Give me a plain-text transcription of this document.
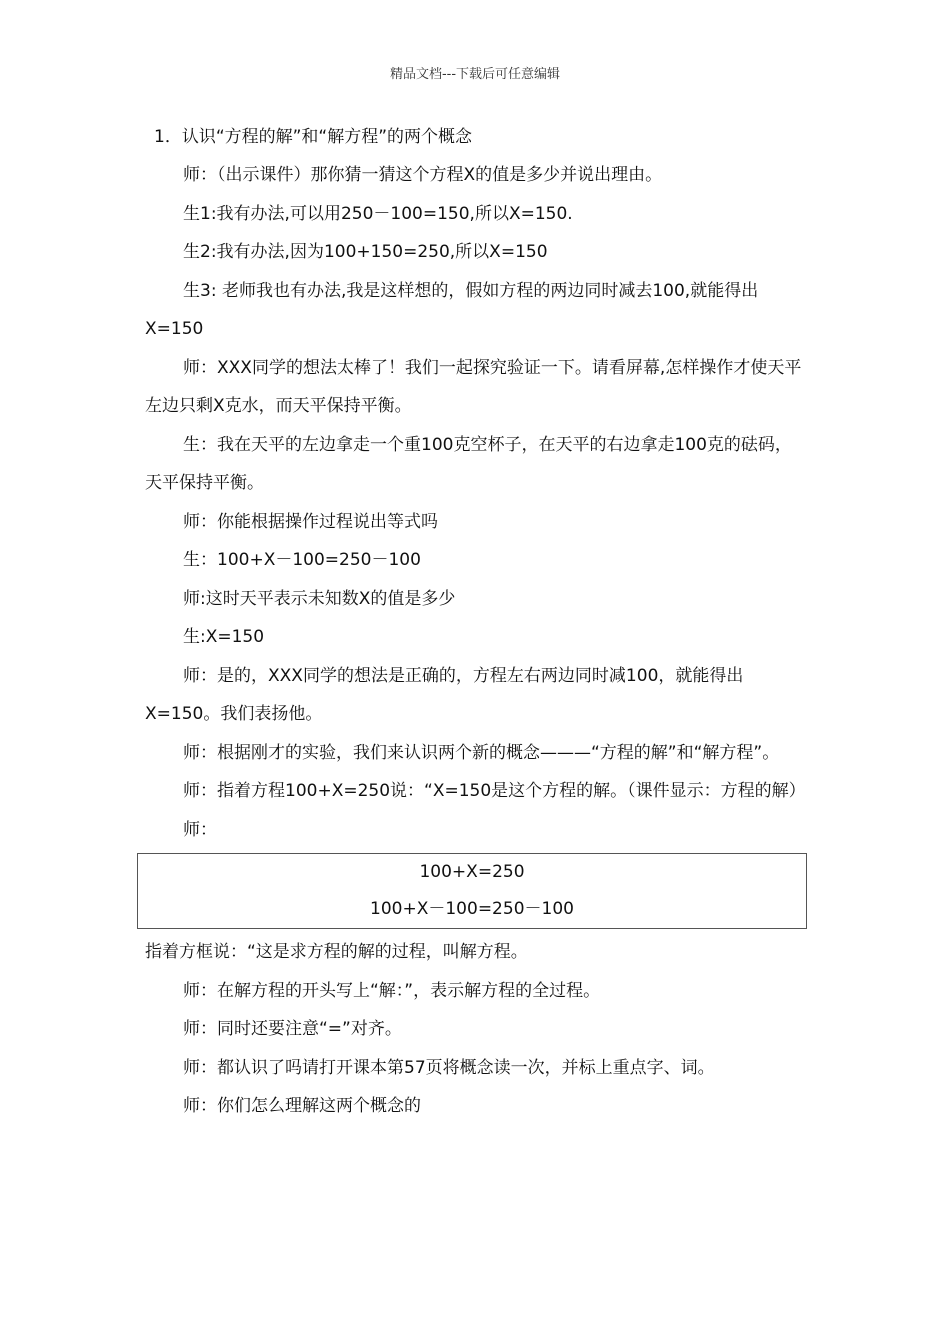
精品文档---下载后可任意编辑

1．认识“方程的解”和“解方程”的两个概念

师：（出示课件）那你猜一猜这个方程X的值是多少并说出理由。

生1:我有办法,可以用250－100=150,所以X=150.

生2:我有办法,因为100+150=250,所以X=150

生3: 老师我也有办法,我是这样想的，假如方程的两边同时减去100,就能得出X=150

师：XXX同学的想法太棒了！我们一起探究验证一下。请看屏幕,怎样操作才使天平左边只剩X克水，而天平保持平衡。

生：我在天平的左边拿走一个重100克空杯子，在天平的右边拿走100克的砝码，天平保持平衡。

师：你能根据操作过程说出等式吗

生：100+X－100=250－100

师:这时天平表示未知数X的值是多少

生:X=150

师：是的，XXX同学的想法是正确的，方程左右两边同时减100，就能得出X=150。我们表扬他。

师：根据刚才的实验，我们来认识两个新的概念———“方程的解”和“解方程”。

师：指着方程100+X=250说：“X=150是这个方程的解。（课件显示：方程的解）

师：

100+X=250
100+X－100=250－100

指着方框说：“这是求方程的解的过程，叫解方程。

师：在解方程的开头写上“解：”，表示解方程的全过程。

师：同时还要注意“=”对齐。

师：都认识了吗请打开课本第57页将概念读一次，并标上重点字、词。

师：你们怎么理解这两个概念的
